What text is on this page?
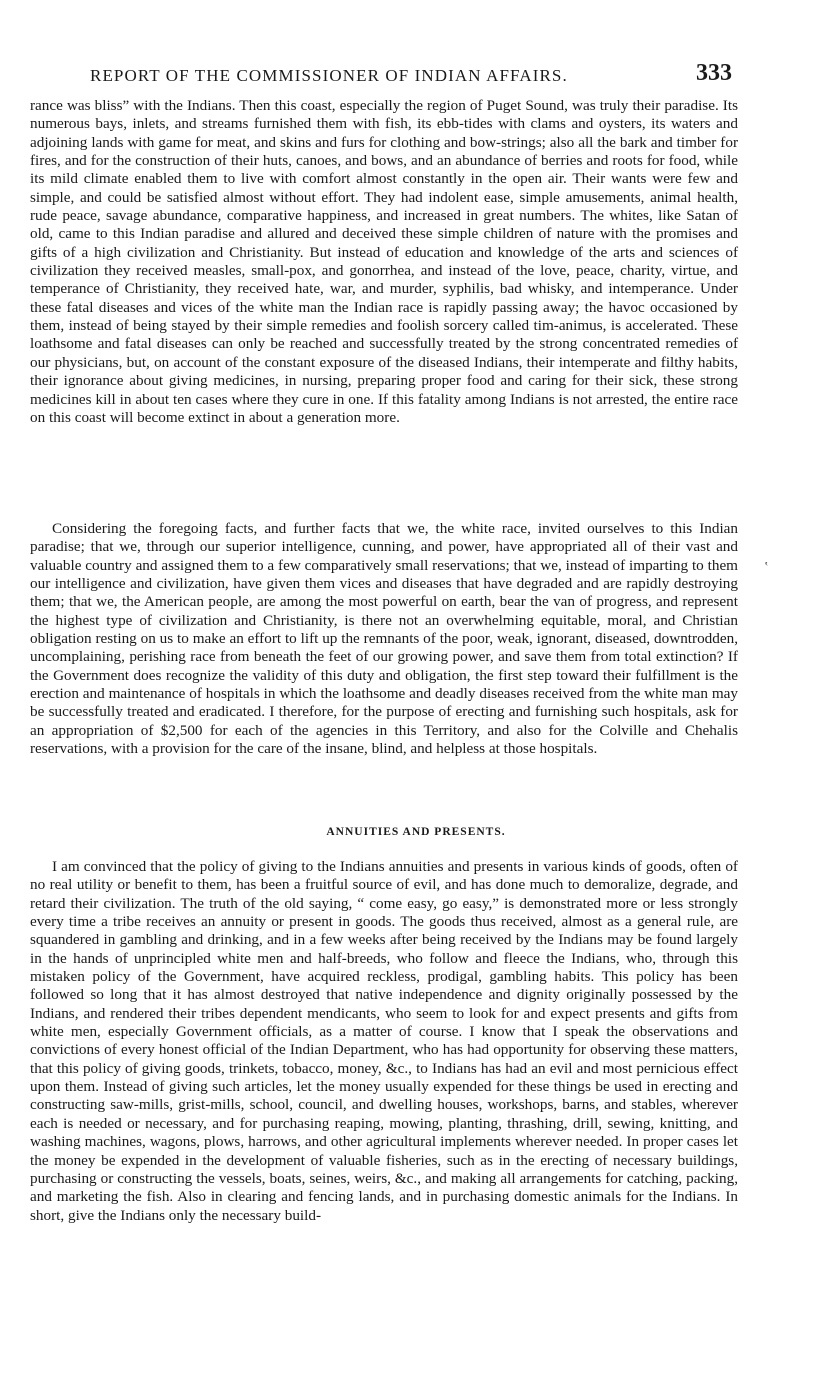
REPORT OF THE COMMISSIONER OF INDIAN AFFAIRS.	333

rance was bliss” with the Indians. Then this coast, especially the region of Puget Sound, was truly their paradise. Its numerous bays, inlets, and streams furnished them with fish, its ebb-tides with clams and oysters, its waters and adjoining lands with game for meat, and skins and furs for clothing and bow-strings; also all the bark and timber for fires, and for the construction of their huts, canoes, and bows, and an abundance of berries and roots for food, while its mild climate enabled them to live with comfort almost constantly in the open air. Their wants were few and simple, and could be satisfied almost without effort. They had indolent ease, simple amusements, animal health, rude peace, savage abundance, comparative happiness, and increased in great numbers. The whites, like Satan of old, came to this Indian paradise and allured and deceived these simple children of nature with the promises and gifts of a high civilization and Christianity. But instead of education and knowledge of the arts and sciences of civilization they received measles, small-pox, and gonorrhea, and instead of the love, peace, charity, virtue, and temperance of Christianity, they received hate, war, and murder, syphilis, bad whisky, and intemperance. Under these fatal diseases and vices of the white man the Indian race is rapidly passing away; the havoc occasioned by them, instead of being stayed by their simple remedies and foolish sorcery called tim-animus, is accelerated. These loathsome and fatal diseases can only be reached and successfully treated by the strong concentrated remedies of our physicians, but, on account of the constant exposure of the diseased Indians, their intemperate and filthy habits, their ignorance about giving medicines, in nursing, preparing proper food and caring for their sick, these strong medicines kill in about ten cases where they cure in one. If this fatality among Indians is not arrested, the entire race on this coast will become extinct in about a generation more.

Considering the foregoing facts, and further facts that we, the white race, invited ourselves to this Indian paradise; that we, through our superior intelligence, cunning, and power, have appropriated all of their vast and valuable country and assigned them to a few comparatively small reservations; that we, instead of imparting to them our intelligence and civilization, have given them vices and diseases that have degraded and are rapidly destroying them; that we, the American people, are among the most powerful on earth, bear the van of progress, and represent the highest type of civilization and Christianity, is there not an overwhelming equitable, moral, and Christian obligation resting on us to make an effort to lift up the remnants of the poor, weak, ignorant, diseased, downtrodden, uncomplaining, perishing race from beneath the feet of our growing power, and save them from total extinction? If the Government does recognize the validity of this duty and obligation, the first step toward their fulfillment is the erection and maintenance of hospitals in which the loathsome and deadly diseases received from the white man may be successfully treated and eradicated. I therefore, for the purpose of erecting and furnishing such hospitals, ask for an appropriation of $2,500 for each of the agencies in this Territory, and also for the Colville and Chehalis reservations, with a provision for the care of the insane, blind, and helpless at those hospitals.

‛
ANNUITIES AND PRESENTS.

I am convinced that the policy of giving to the Indians annuities and presents in various kinds of goods, often of no real utility or benefit to them, has been a fruitful source of evil, and has done much to demoralize, degrade, and retard their civilization. The truth of the old saying, “ come easy, go easy,” is demonstrated more or less strongly every time a tribe receives an annuity or present in goods. The goods thus received, almost as a general rule, are squandered in gambling and drinking, and in a few weeks after being received by the Indians may be found largely in the hands of unprincipled white men and half-breeds, who follow and fleece the Indians, who, through this mistaken policy of the Government, have acquired reckless, prodigal, gambling habits. This policy has been followed so long that it has almost destroyed that native independence and dignity originally possessed by the Indians, and rendered their tribes dependent mendicants, who seem to look for and expect presents and gifts from white men, especially Government officials, as a matter of course. I know that I speak the observations and convictions of every honest official of the Indian Department, who has had opportunity for observing these matters, that this policy of giving goods, trinkets, tobacco, money, &c., to Indians has had an evil and most pernicious effect upon them. Instead of giving such articles, let the money usually expended for these things be used in erecting and constructing saw-mills, grist-mills, school, council, and dwelling houses, workshops, barns, and stables, wherever each is needed or necessary, and for purchasing reaping, mowing, planting, thrashing, drill, sewing, knitting, and washing machines, wagons, plows, harrows, and other agricultural implements wherever needed. In proper cases let the money be expended in the development of valuable fisheries, such as in the erecting of necessary buildings, purchasing or constructing the vessels, boats, seines, weirs, &c., and making all arrangements for catching, packing, and marketing the fish. Also in clearing and fencing lands, and in purchasing domestic animals for the Indians. In short, give the Indians only the necessary build-
